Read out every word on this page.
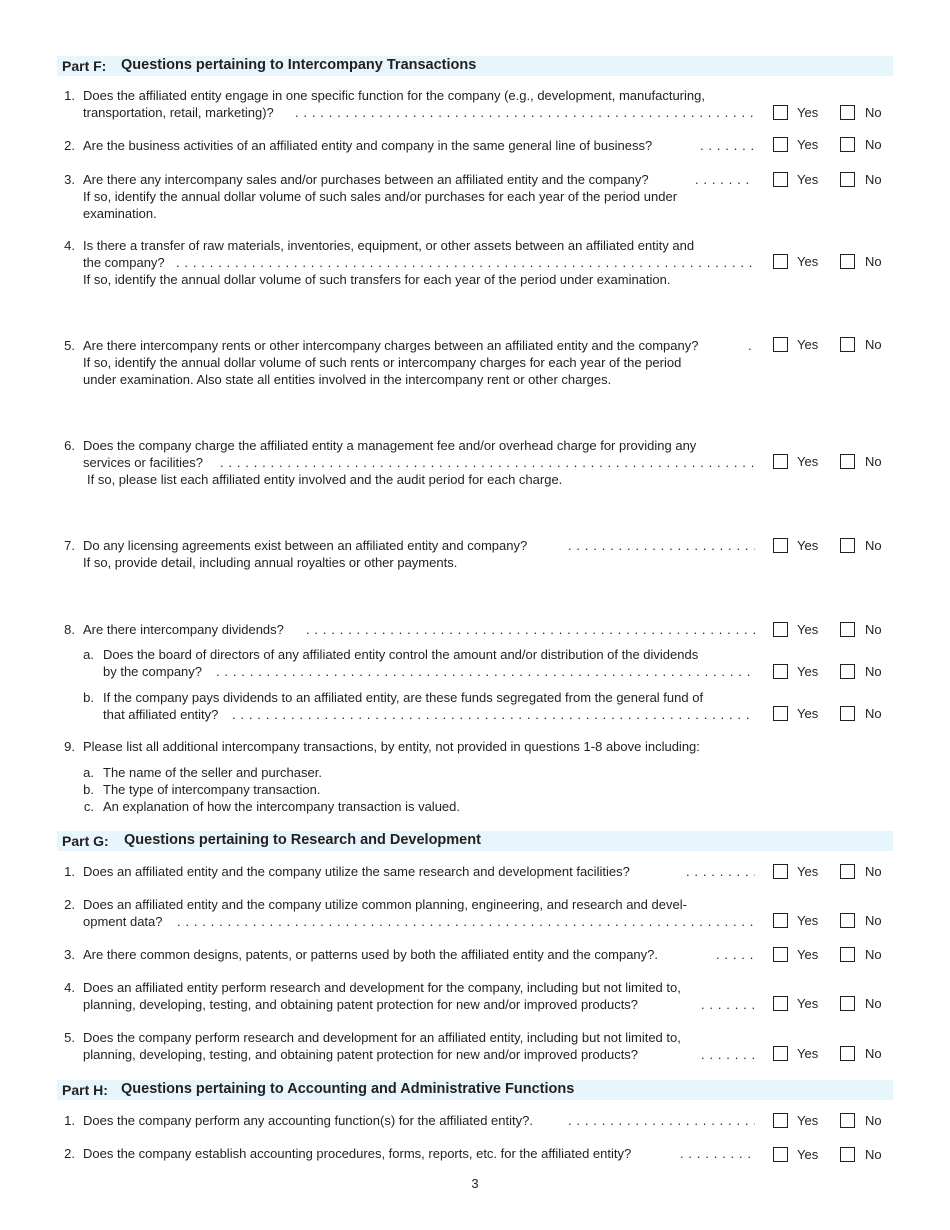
Part F: Questions pertaining to Intercompany Transactions
1. Does the affiliated entity engage in one specific function for the company (e.g., development, manufacturing,
transportation, retail, marketing)? . . .	Yes	No
2. Are the business activities of an affiliated entity and company in the same general line of business? . . .	Yes	No
3. Are there any intercompany sales and/or purchases between an affiliated entity and the company?
If so, identify the annual dollar volume of such sales and/or purchases for each year of the period under
examination.
. . .
Yes	No
4. Is there a transfer of raw materials, inventories, equipment, or other assets between an affiliated entity and
the company?
If so, identify the annual dollar volume of such transfers for each year of the period under examination.
. . .
Yes	No
5. Are there intercompany rents or other intercompany charges between an affiliated entity and the company?
If so, identify the annual dollar volume of such rents or intercompany charges for each year of the period
under examination. Also state all entities involved in the intercompany rent or other charges.
. . .
Yes	No
6. Does the company charge the affiliated entity a management fee and/or overhead charge for providing any
services or facilities?
If so, please list each affiliated entity involved and the audit period for each charge.
. . .
Yes	No
7. Do any licensing agreements exist between an affiliated entity and company?
If so, provide detail, including annual royalties or other payments.
. . .
Yes	No
8. Are there intercompany dividends? . . .	Yes	No
a. Does the board of directors of any affiliated entity control the amount and/or distribution of the dividends
by the company? . . .	Yes	No
b. If the company pays dividends to an affiliated entity, are these funds segregated from the general fund of
that affiliated entity? . . .	Yes	No
9. Please list all additional intercompany transactions, by entity, not provided in questions 1-8 above including:
a. The name of the seller and purchaser.
b. The type of intercompany transaction.
c. An explanation of how the intercompany transaction is valued.
Part G: Questions pertaining to Research and Development
1. Does an affiliated entity and the company utilize the same research and development facilities? . . .	Yes	No
2. Does an affiliated entity and the company utilize common planning, engineering, and research and devel-
opment data? . . .	Yes	No
3. Are there common designs, patents, or patterns used by both the affiliated entity and the company?. . . .	Yes	No
4. Does an affiliated entity perform research and development for the company, including but not limited to,
planning, developing, testing, and obtaining patent protection for new and/or improved products? . . .	Yes	No
5. Does the company perform research and development for an affiliated entity, including but not limited to,
planning, developing, testing, and obtaining patent protection for new and/or improved products? . . .	Yes	No
Part H: Questions pertaining to Accounting and Administrative Functions
1. Does the company perform any accounting function(s) for the affiliated entity?. . . .	Yes	No
2. Does the company establish accounting procedures, forms, reports, etc. for the affiliated entity? . . .	Yes	No
3
